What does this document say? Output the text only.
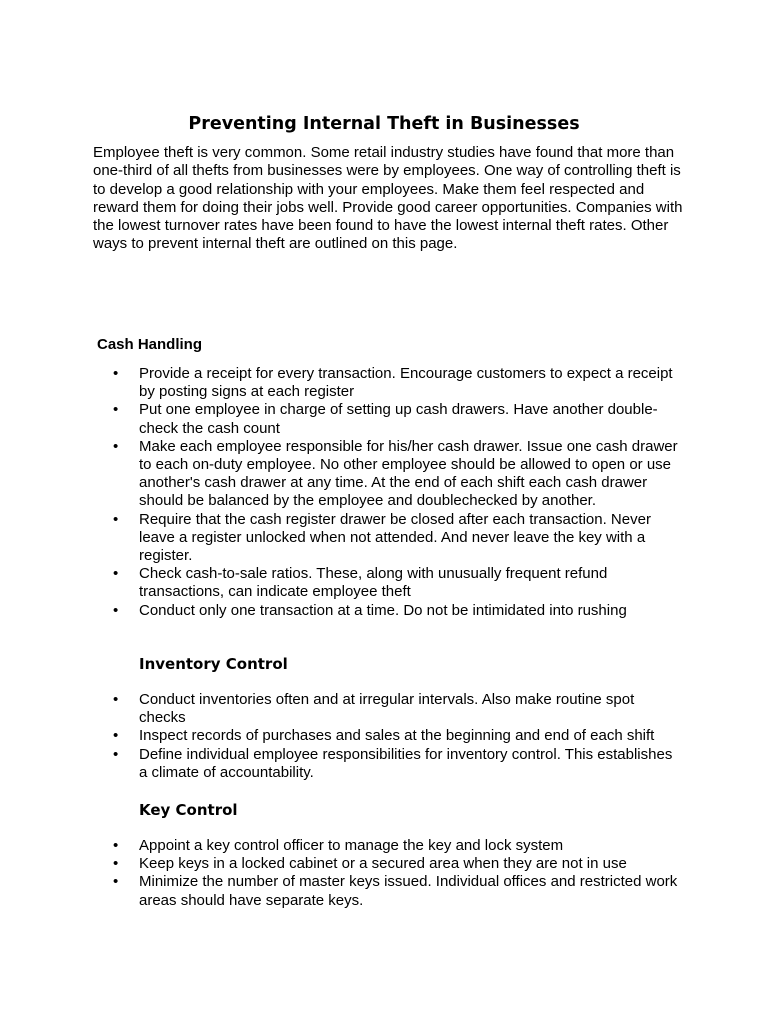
Preventing Internal Theft in Businesses

Employee theft is very common. Some retail industry studies have found that more than one-third of all thefts from businesses were by employees. One way of controlling theft is to develop a good relationship with your employees. Make them feel respected and reward them for doing their jobs well. Provide good career opportunities. Companies with the lowest turnover rates have been found to have the lowest internal theft rates. Other ways to prevent internal theft are outlined on this page.

Cash Handling
• Provide a receipt for every transaction. Encourage customers to expect a receipt by posting signs at each register
• Put one employee in charge of setting up cash drawers. Have another double-check the cash count
• Make each employee responsible for his/her cash drawer. Issue one cash drawer to each on-duty employee. No other employee should be allowed to open or use another's cash drawer at any time. At the end of each shift each cash drawer should be balanced by the employee and doublechecked by another.
• Require that the cash register drawer be closed after each transaction. Never leave a register unlocked when not attended. And never leave the key with a register.
• Check cash-to-sale ratios. These, along with unusually frequent refund transactions, can indicate employee theft
• Conduct only one transaction at a time. Do not be intimidated into rushing
Inventory Control
• Conduct inventories often and at irregular intervals. Also make routine spot checks
• Inspect records of purchases and sales at the beginning and end of each shift
• Define individual employee responsibilities for inventory control. This establishes a climate of accountability.
Key Control
• Appoint a key control officer to manage the key and lock system
• Keep keys in a locked cabinet or a secured area when they are not in use
• Minimize the number of master keys issued. Individual offices and restricted work areas should have separate keys.
